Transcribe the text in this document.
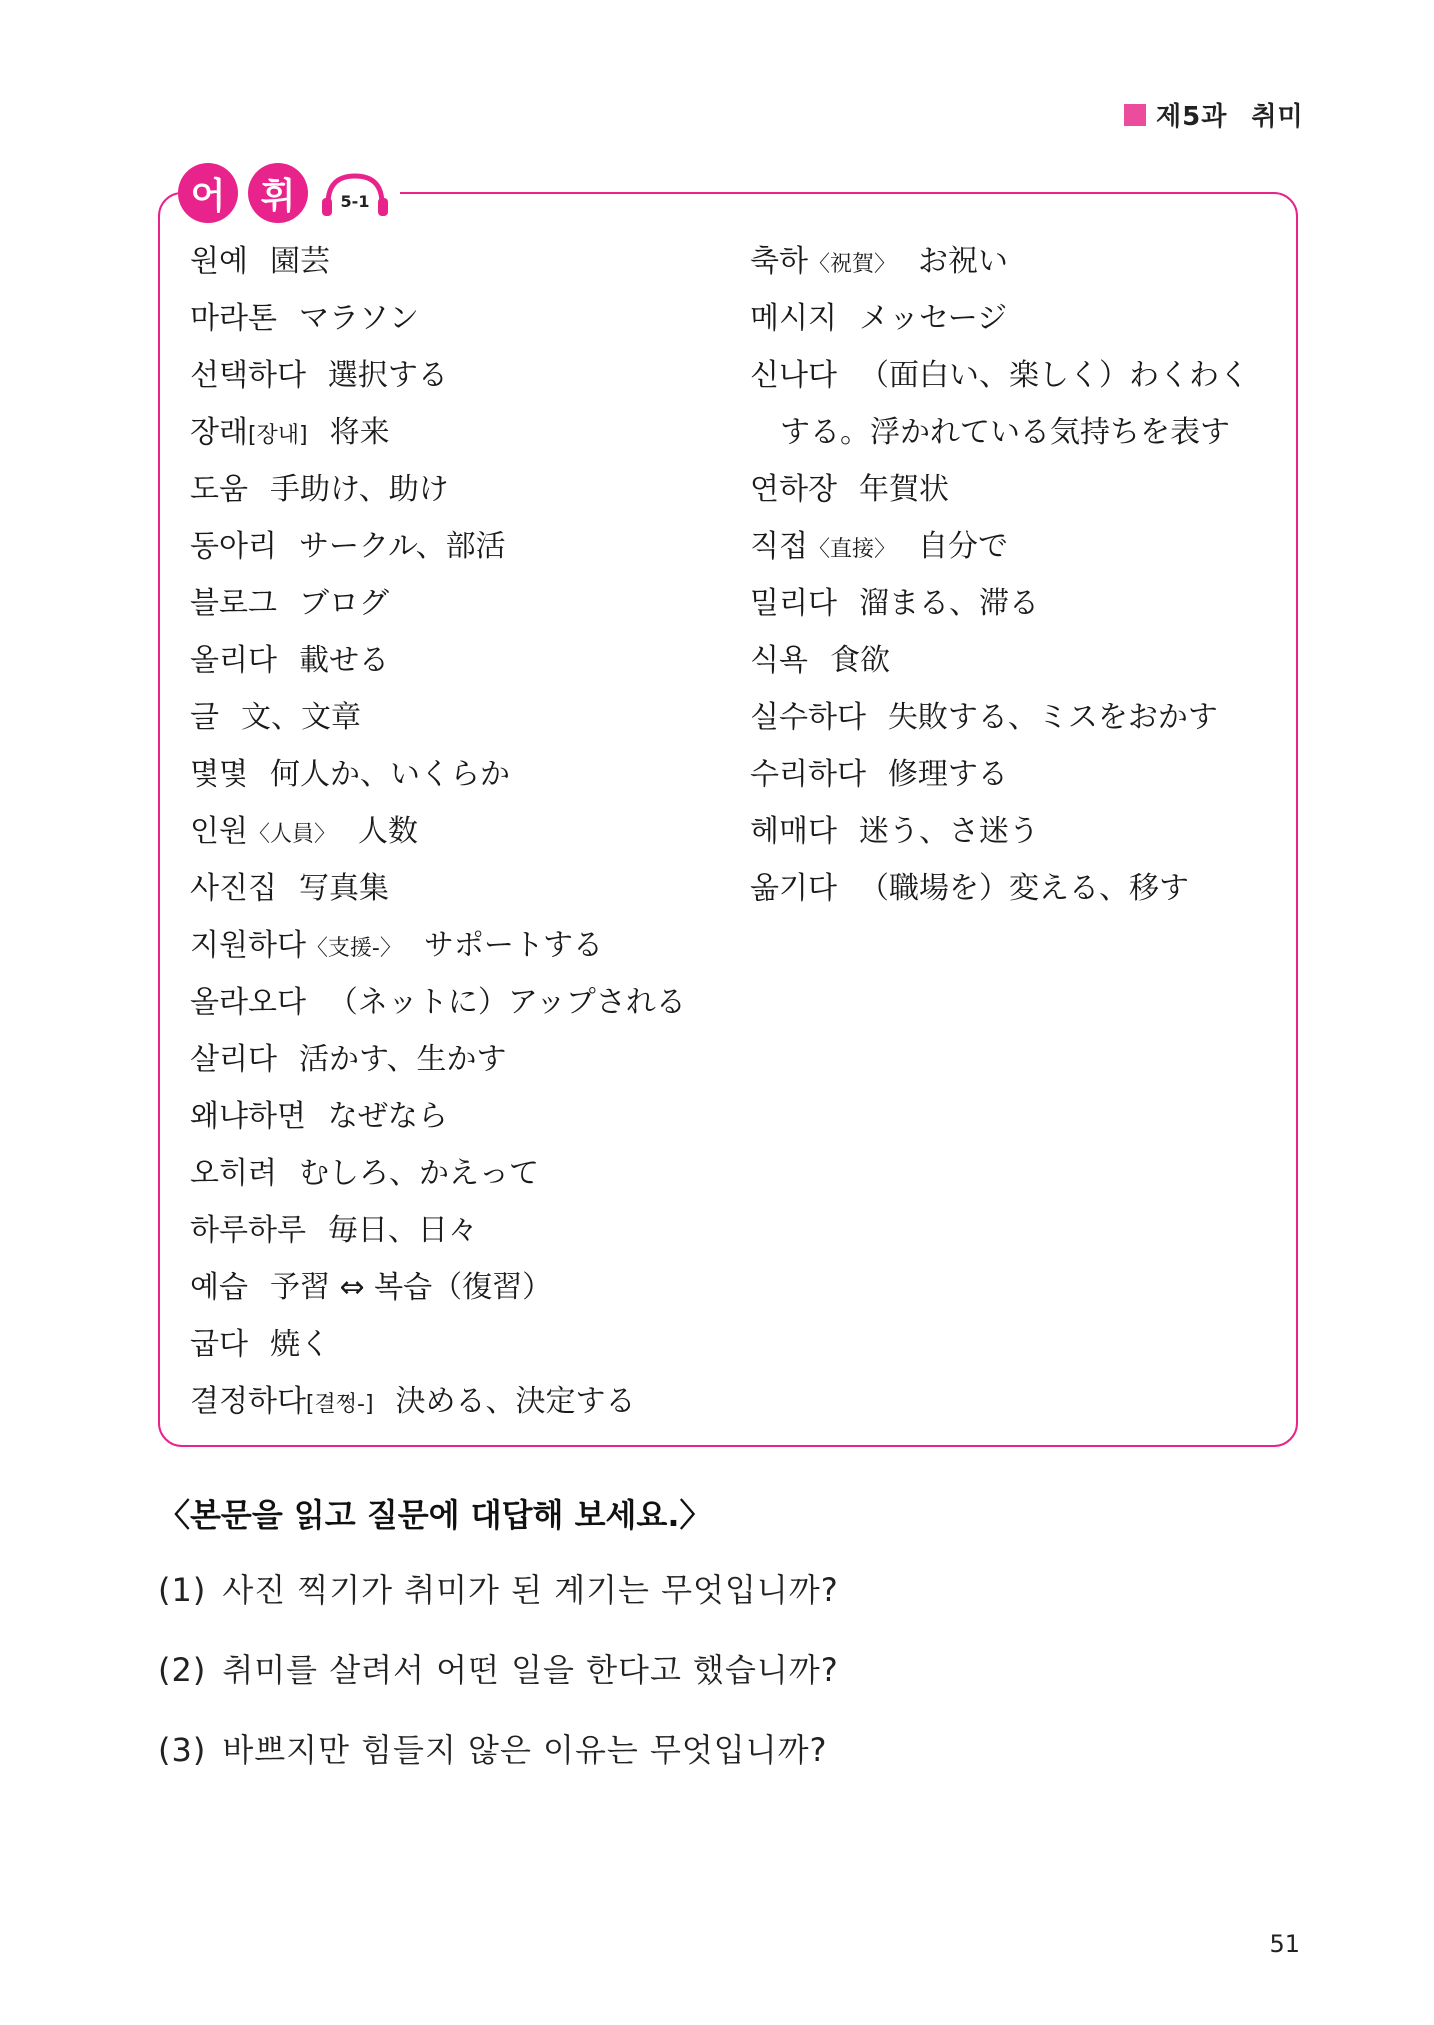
제5과 취미
어 휘	5-1
원예 園芸
마라톤 マラソン
선택하다 選択する
장래[장내] 将来
도움 手助け、助け
동아리 サークル、部活
블로그 ブログ
올리다 載せる
글 文、文章
몇몇 何人か、いくらか
인원〈人員〉 人数
사진집 写真集
지원하다〈支援-〉 サポートする
올라오다 （ネットに）アップされる
살리다 活かす、生かす
왜냐하면 なぜなら
오히려 むしろ、かえって
하루하루 毎日、日々
예습 予習 ⇔ 복습（復習）
굽다 焼く
결정하다[결쩡-] 決める、決定する
축하〈祝賀〉 お祝い
메시지 メッセージ
신나다 （面白い、楽しく）わくわく
する。浮かれている気持ちを表す
연하장 年賀状
직접〈直接〉 自分で
밀리다 溜まる、滞る
식욕 食欲
실수하다 失敗する、ミスをおかす
수리하다 修理する
헤매다 迷う、さ迷う
옮기다 （職場を）変える、移す
〈본문을 읽고 질문에 대답해 보세요.〉
(1) 사진 찍기가 취미가 된 계기는 무엇입니까?
(2) 취미를 살려서 어떤 일을 한다고 했습니까?
(3) 바쁘지만 힘들지 않은 이유는 무엇입니까?
51
